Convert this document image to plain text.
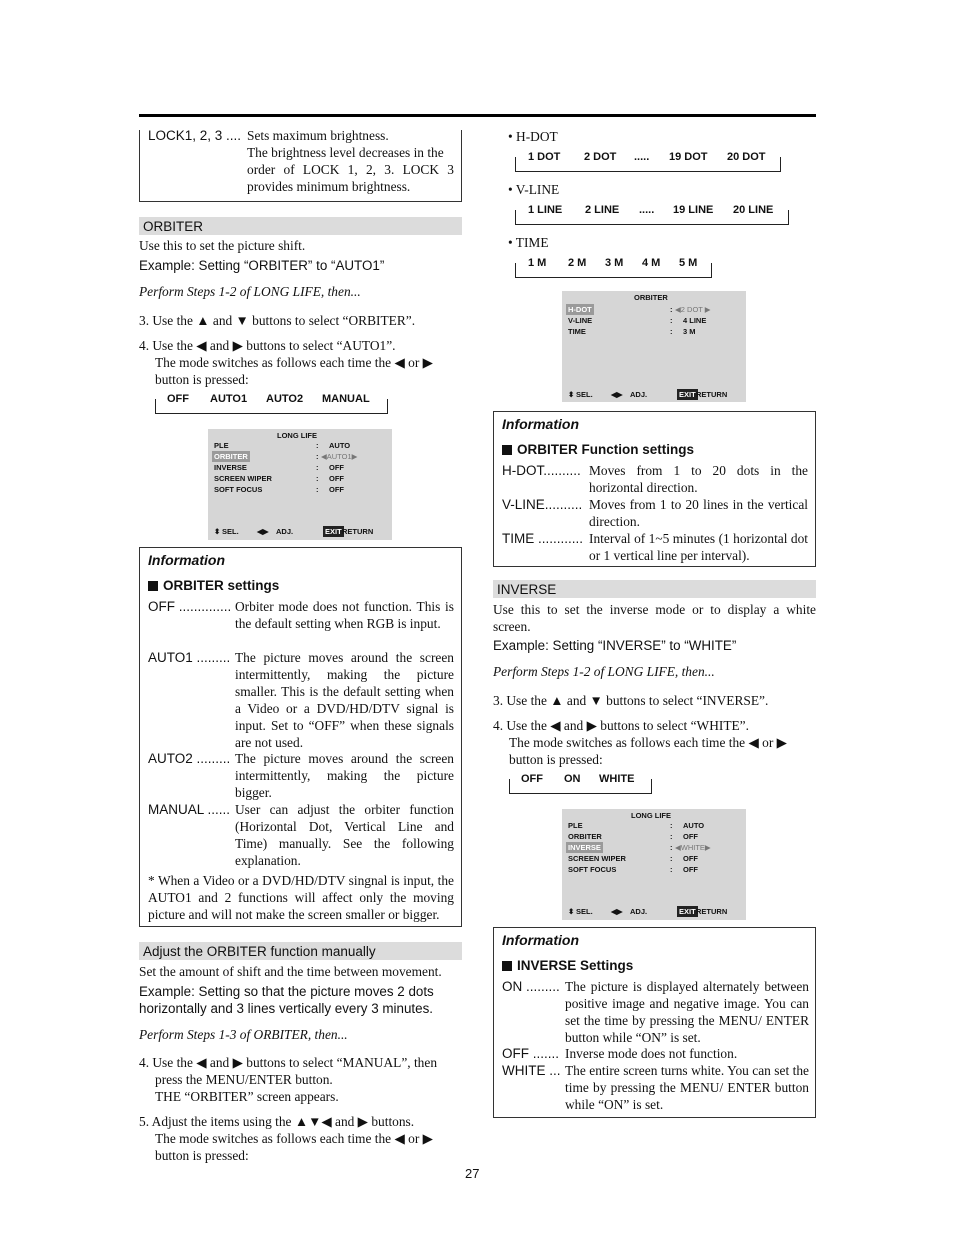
LOCK1, 2, 3 .... Sets maximum brightness.
The brightness level decreases in the
order of LOCK 1, 2, 3. LOCK 3
provides minimum brightness.
ORBITER
Use this to set the picture shift.
Example: Setting “ORBITER” to “AUTO1”
Perform Steps 1-2 of LONG LIFE, then...
3. Use the ▲ and ▼ buttons to select “ORBITER”.
4. Use the ◀ and ▶ buttons to select “AUTO1”.
The mode switches as follows each time the ◀ or ▶
button is pressed:
OFF AUTO1 AUTO2 MANUAL
LONG LIFE
PLE	: AUTO
ORBITER	: ◀AUTO1▶
INVERSE	: OFF
SCREEN WIPER	: OFF
SOFT FOCUS	: OFF
⬍ SEL. ◀▶ ADJ.	EXIT RETURN
Information
ORBITER settings
OFF .............. Orbiter mode does not function. This is the default setting when RGB is input.
AUTO1 ......... The picture moves around the screen intermittently, making the picture smaller. This is the default setting when a Video or a DVD/HD/DTV signal is input. Set to “OFF” when these signals are not used.
AUTO2 ......... The picture moves around the screen intermittently, making the picture bigger.
MANUAL ...... User can adjust the orbiter function (Horizontal Dot, Vertical Line and Time) manually. See the following explanation.
* When a Video or a DVD/HD/DTV singnal is input, the AUTO1 and 2 functions will affect only the moving picture and will not make the screen smaller or bigger.
Adjust the ORBITER function manually
Set the amount of shift and the time between movement.
Example: Setting so that the picture moves 2 dots horizontally and 3 lines vertically every 3 minutes.
Perform Steps 1-3 of ORBITER, then...
4. Use the ◀ and ▶ buttons to select “MANUAL”, then
press the MENU/ENTER button.
THE “ORBITER” screen appears.
5. Adjust the items using the ▲▼◀ and ▶ buttons.
The mode switches as follows each time the ◀ or ▶
button is pressed:
27
• H-DOT
1 DOT 2 DOT ..... 19 DOT 20 DOT
• V-LINE
1 LINE 2 LINE ..... 19 LINE 20 LINE
• TIME
1 M 2 M 3 M 4 M 5 M
ORBITER
H-DOT	: ◀2 DOT ▶
V-LINE	: 4 LINE
TIME	: 3 M
⬍ SEL. ◀▶ ADJ.	EXIT RETURN
Information
ORBITER Function settings
H-DOT.......... Moves from 1 to 20 dots in the horizontal direction.
V-LINE.......... Moves from 1 to 20 lines in the vertical direction.
TIME ............ Interval of 1~5 minutes (1 horizontal dot or 1 vertical line per interval).
INVERSE
Use this to set the inverse mode or to display a white screen.
Example: Setting “INVERSE” to “WHITE”
Perform Steps 1-2 of LONG LIFE, then...
3. Use the ▲ and ▼ buttons to select “INVERSE”.
4. Use the ◀ and ▶ buttons to select “WHITE”.
The mode switches as follows each time the ◀ or ▶
button is pressed:
OFF ON WHITE
LONG LIFE
PLE	: AUTO
ORBITER	: OFF
INVERSE	: ◀WHITE▶
SCREEN WIPER	: OFF
SOFT FOCUS	: OFF
⬍ SEL. ◀▶ ADJ.	EXIT RETURN
Information
INVERSE Settings
ON ......... The picture is displayed alternately between positive image and negative image. You can set the time by pressing the MENU/ ENTER button while “ON” is set.
OFF ....... Inverse mode does not function.
WHITE ... The entire screen turns white. You can set the time by pressing the MENU/ ENTER button while “ON” is set.
